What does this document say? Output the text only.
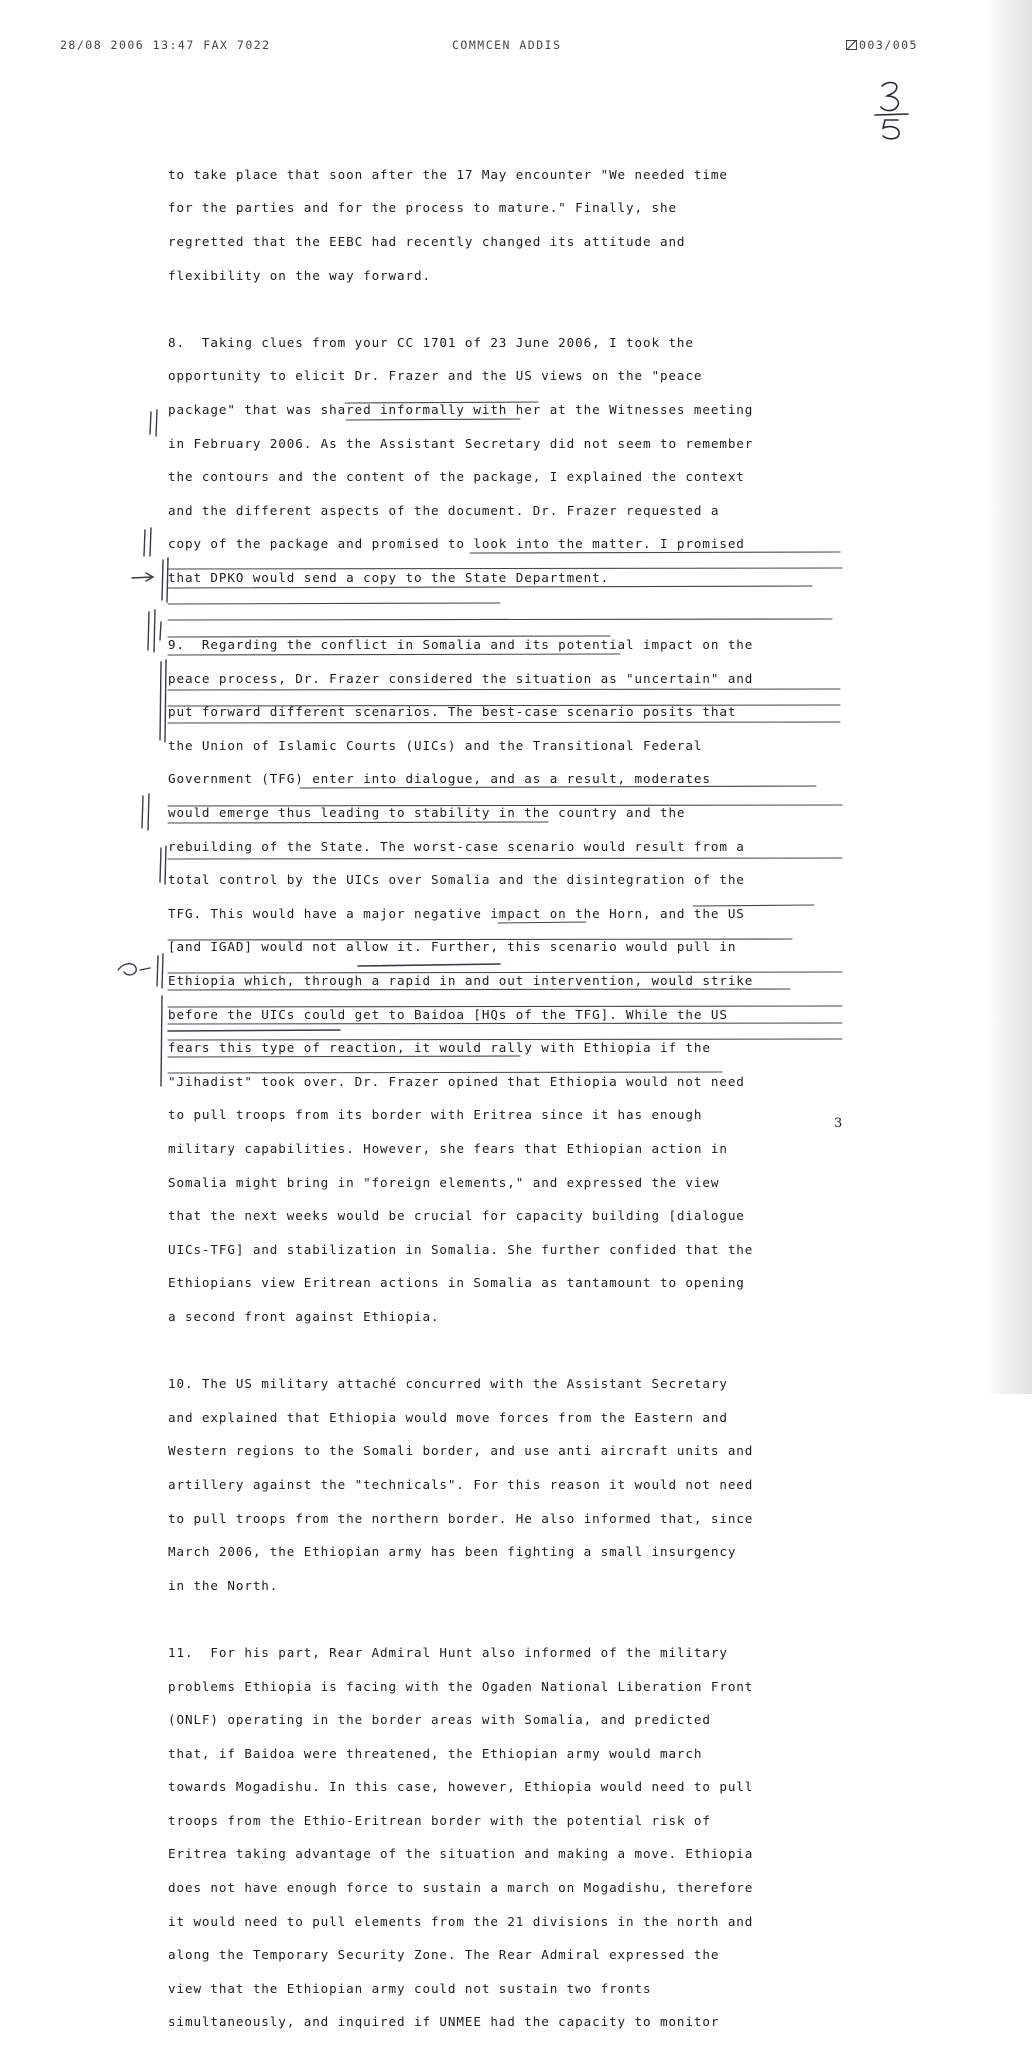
28/08 2006 13:47 FAX 7022	COMMCEN ADDIS	003/005

to take place that soon after the 17 May encounter "We needed time

for the parties and for the process to mature." Finally, she

regretted that the EEBC had recently changed its attitude and

flexibility on the way forward.

8.  Taking clues from your CC 1701 of 23 June 2006, I took the

opportunity to elicit Dr. Frazer and the US views on the "peace

package" that was shared informally with her at the Witnesses meeting

in February 2006. As the Assistant Secretary did not seem to remember

the contours and the content of the package, I explained the context

and the different aspects of the document. Dr. Frazer requested a

copy of the package and promised to look into the matter. I promised

that DPKO would send a copy to the State Department.

9.  Regarding the conflict in Somalia and its potential impact on the

peace process, Dr. Frazer considered the situation as "uncertain" and

put forward different scenarios. The best-case scenario posits that

the Union of Islamic Courts (UICs) and the Transitional Federal

Government (TFG) enter into dialogue, and as a result, moderates

would emerge thus leading to stability in the country and the

rebuilding of the State. The worst-case scenario would result from a

total control by the UICs over Somalia and the disintegration of the

TFG. This would have a major negative impact on the Horn, and the US

[and IGAD] would not allow it. Further, this scenario would pull in

Ethiopia which, through a rapid in and out intervention, would strike

before the UICs could get to Baidoa [HQs of the TFG]. While the US

fears this type of reaction, it would rally with Ethiopia if the

"Jihadist" took over. Dr. Frazer opined that Ethiopia would not need

to pull troops from its border with Eritrea since it has enough

military capabilities. However, she fears that Ethiopian action in

Somalia might bring in "foreign elements," and expressed the view

that the next weeks would be crucial for capacity building [dialogue

UICs-TFG] and stabilization in Somalia. She further confided that the

Ethiopians view Eritrean actions in Somalia as tantamount to opening

a second front against Ethiopia.

10. The US military attaché concurred with the Assistant Secretary

and explained that Ethiopia would move forces from the Eastern and

Western regions to the Somali border, and use anti aircraft units and

artillery against the "technicals". For this reason it would not need

to pull troops from the northern border. He also informed that, since

March 2006, the Ethiopian army has been fighting a small insurgency

in the North.

11.  For his part, Rear Admiral Hunt also informed of the military

problems Ethiopia is facing with the Ogaden National Liberation Front

(ONLF) operating in the border areas with Somalia, and predicted

that, if Baidoa were threatened, the Ethiopian army would march

towards Mogadishu. In this case, however, Ethiopia would need to pull

troops from the Ethio-Eritrean border with the potential risk of

Eritrea taking advantage of the situation and making a move. Ethiopia

does not have enough force to sustain a march on Mogadishu, therefore

it would need to pull elements from the 21 divisions in the north and

along the Temporary Security Zone. The Rear Admiral expressed the

view that the Ethiopian army could not sustain two fronts

simultaneously, and inquired if UNMEE had the capacity to monitor

3
